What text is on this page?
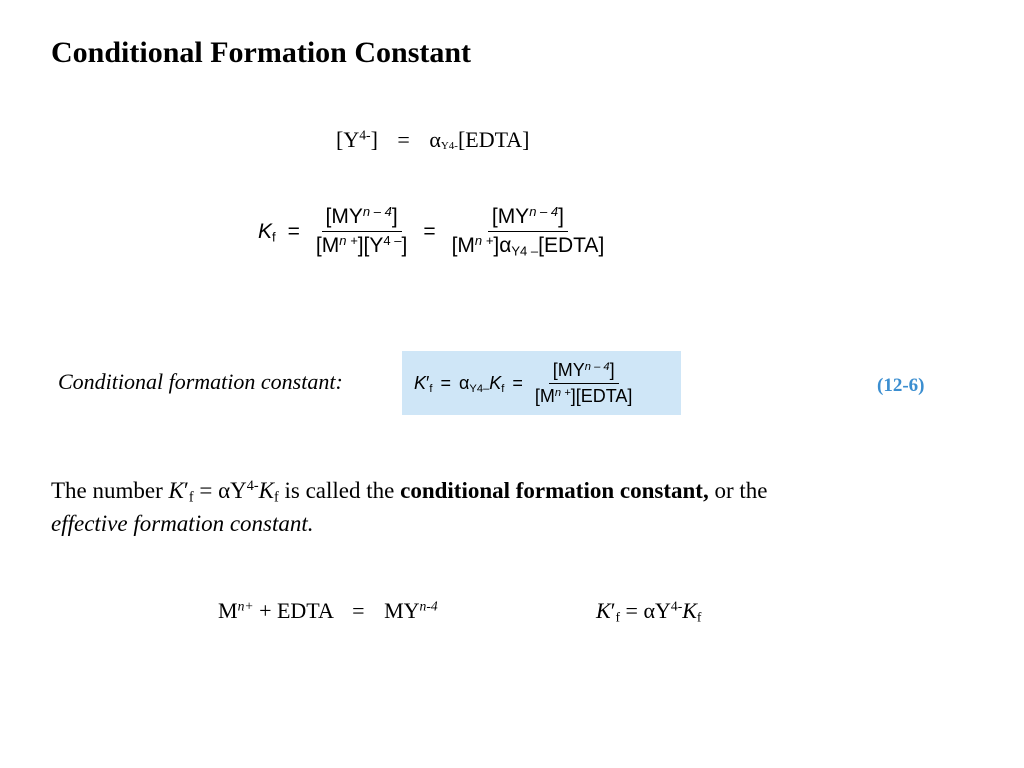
Conditional Formation Constant
$[Y^{4-}]$ = αY4-[EDTA]
$K_f = \frac{[MY^{n - 4}]}{[M^{n +}][Y^{4 -}]} = \frac{[MY^{n - 4}]}{[M^{n +}]\alpha_{Y4 -}[EDTA]}$
Conditional formation constant:	$K'_f = \alpha_{Y4-}K_f = \frac{[MY^{n - 4}]}{[M^{n +}][EDTA]}$	(12-6)
The number $K'_f = \alpha Y^{4-}K_f$ is called the conditional formation constant, or the
effective formation constant.
$M^{n+}$ + EDTA = $MY^{n-4}$	$K'_f = \alpha Y^{4-}K_f$
